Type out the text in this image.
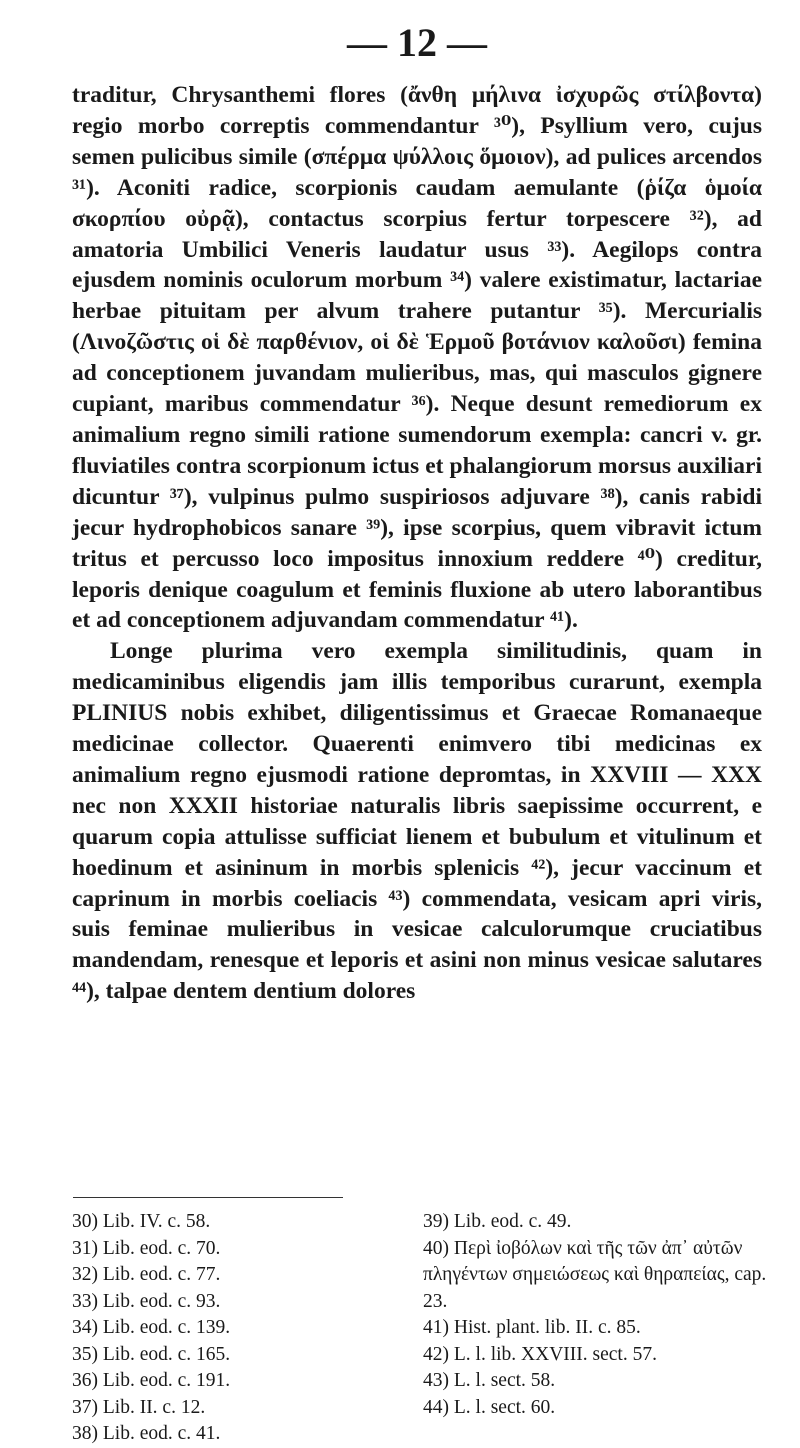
— 12 —

traditur, Chrysanthemi flores (ἄνθη μήλινα ἰσχυρῶς στίλβοντα) regio morbo correptis commendantur ³⁰), Psyllium vero, cujus semen pulicibus simile (σπέρμα ψύλλοις ὅμοιον), ad pulices arcendos ³¹). Aconiti radice, scorpionis caudam aemulante (ῥίζα ὁμοία σκορπίου οὐρᾷ), contactus scorpius fertur torpescere ³²), ad amatoria Umbilici Veneris laudatur usus ³³). Aegilops contra ejusdem nominis oculorum morbum ³⁴) valere existimatur, lactariae herbae pituitam per alvum trahere putantur ³⁵). Mercurialis (Λινοζῶστις οἱ δὲ παρθένιον, οἱ δὲ Ἑρμοῦ βοτάνιον καλοῦσι) femina ad conceptionem juvandam mulieribus, mas, qui masculos gignere cupiant, maribus commendatur ³⁶). Neque desunt remediorum ex animalium regno simili ratione sumendorum exempla: cancri v. gr. fluviatiles contra scorpionum ictus et phalangiorum morsus auxiliari dicuntur ³⁷), vulpinus pulmo suspiriosos adjuvare ³⁸), canis rabidi jecur hydrophobicos sanare ³⁹), ipse scorpius, quem vibravit ictum tritus et percusso loco impositus innoxium reddere ⁴⁰) creditur, leporis denique coagulum et feminis fluxione ab utero laborantibus et ad conceptionem adjuvandam commendatur ⁴¹).

Longe plurima vero exempla similitudinis, quam in medicaminibus eligendis jam illis temporibus curarunt, exempla PLINIUS nobis exhibet, diligentissimus et Graecae Romanaeque medicinae collector. Quaerenti enimvero tibi medicinas ex animalium regno ejusmodi ratione depromtas, in XXVIII — XXX nec non XXXII historiae naturalis libris saepissime occurrent, e quarum copia attulisse sufficiat lienem et bubulum et vitulinum et hoedinum et asininum in morbis splenicis ⁴²), jecur vaccinum et caprinum in morbis coeliacis ⁴³) commendata, vesicam apri viris, suis feminae mulieribus in vesicae calculorumque cruciatibus mandendam, renesque et leporis et asini non minus vesicae salutares ⁴⁴), talpae dentem dentium dolores

30) Lib. IV. c. 58.
31) Lib. eod. c. 70.
32) Lib. eod. c. 77.
33) Lib. eod. c. 93.
34) Lib. eod. c. 139.
35) Lib. eod. c. 165.
36) Lib. eod. c. 191.
37) Lib. II. c. 12.
38) Lib. eod. c. 41.
39) Lib. eod. c. 49.
40) Περὶ ἰοβόλων καὶ τῆς τῶν ἀπ᾽ αὐτῶν πληγέντων σημειώσεως καὶ θηραπείας, cap. 23.
41) Hist. plant. lib. II. c. 85.
42) L. l. lib. XXVIII. sect. 57.
43) L. l. sect. 58.
44) L. l. sect. 60.
